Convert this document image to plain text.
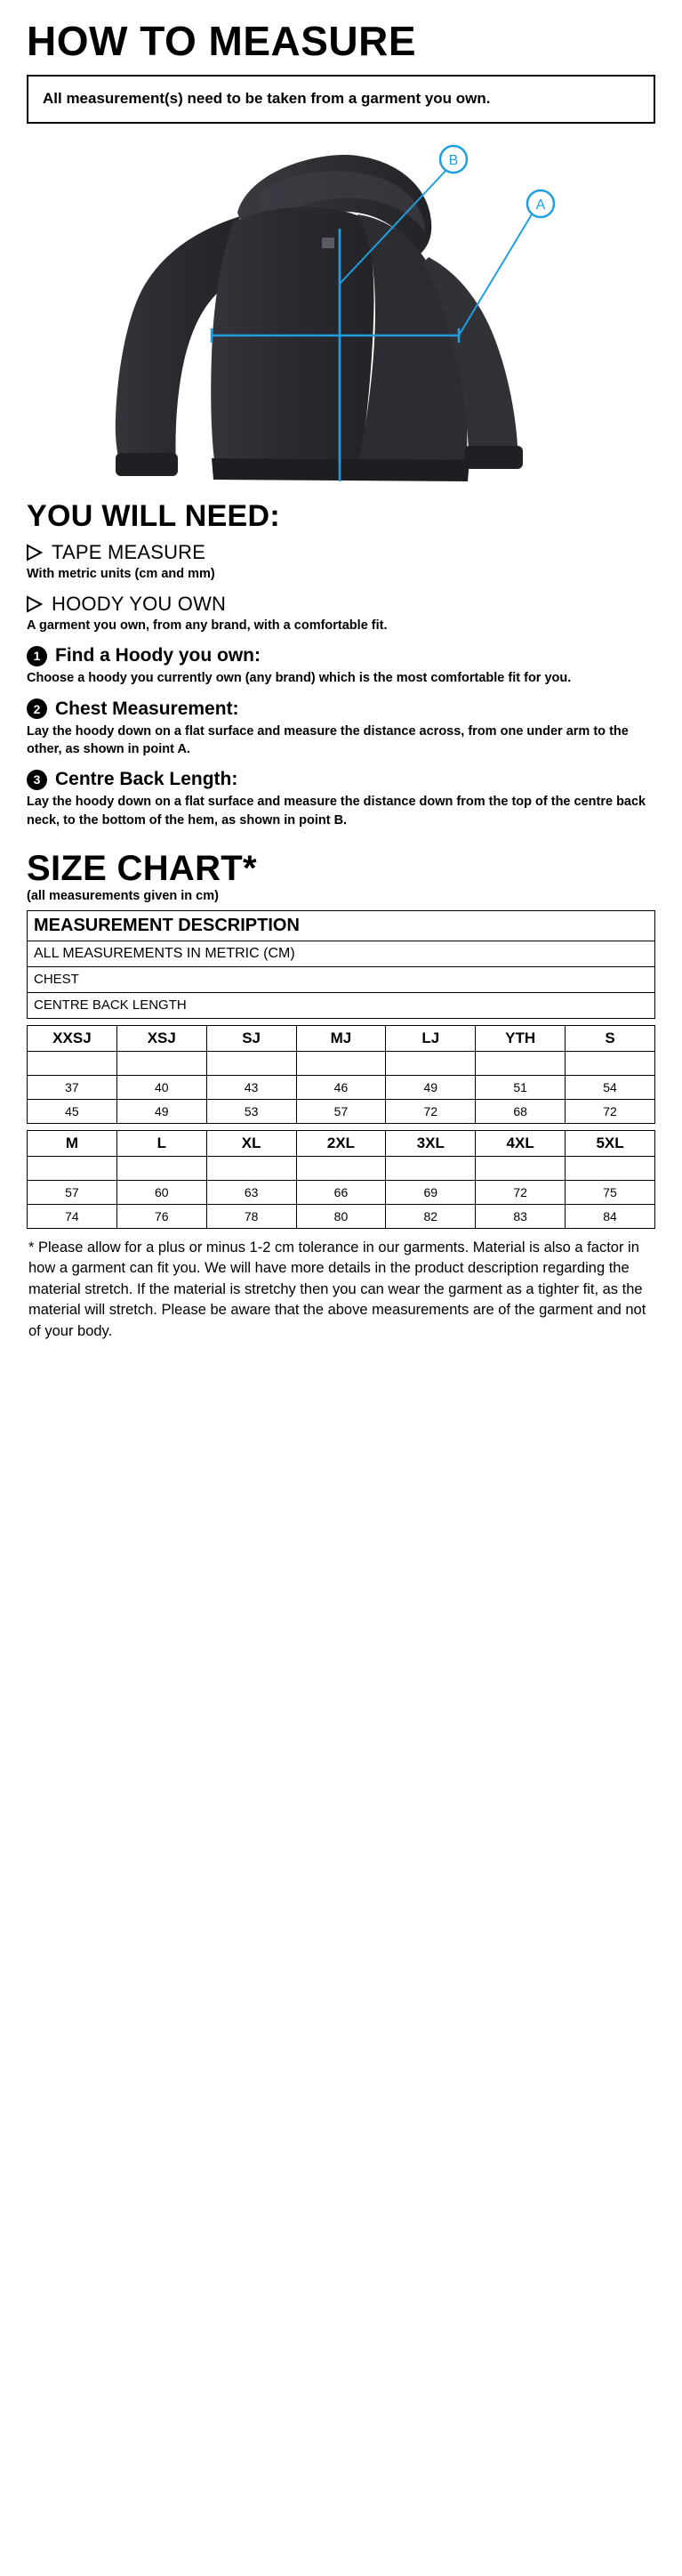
HOW TO MEASURE
All measurement(s) need to be taken from a garment you own.
A
B
YOU WILL NEED:
TAPE MEASURE
With metric units (cm and mm)
HOODY YOU OWN
A garment you own, from any brand, with a comfortable fit.
1 Find a Hoody you own:
Choose a hoody you currently own (any brand) which is the most comfortable fit for you.
2 Chest Measurement:
Lay the hoody down on a flat surface and measure the distance across, from one under arm to the other, as shown in point A.
3 Centre Back Length:
Lay the hoody down on a flat surface and measure the distance down from the top of the centre back neck, to the bottom of the hem, as shown in point B.
SIZE CHART*
(all measurements given in cm)
MEASUREMENT DESCRIPTION
ALL MEASUREMENTS IN METRIC (CM)
CHEST
CENTRE BACK LENGTH
XXSJ	XSJ	SJ	MJ	LJ	YTH	S

37	40	43	46	49	51	54
45	49	53	57	72	68	72
M	L	XL	2XL	3XL	4XL	5XL

57	60	63	66	69	72	75
74	76	78	80	82	83	84
* Please allow for a plus or minus 1-2 cm tolerance in our garments. Material is also a factor in how a garment can fit you. We will have more details in the product description regarding the material stretch. If the material is stretchy then you can wear the garment as a tighter fit, as the material will stretch. Please be aware that the above measurements are of the garment and not of your body.
